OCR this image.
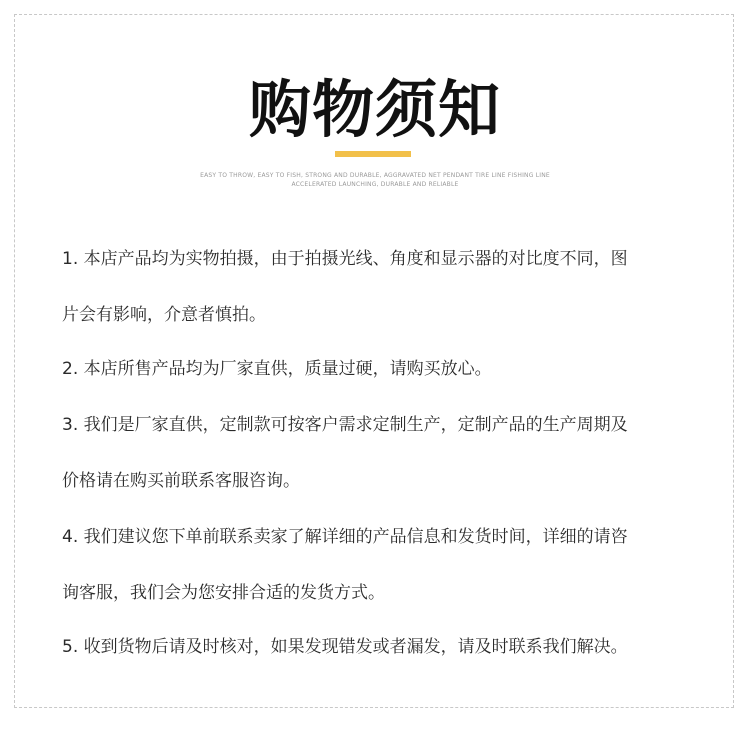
购物须知
EASY TO THROW, EASY TO FISH, STRONG AND DURABLE, AGGRAVATED NET PENDANT TIRE LINE FISHING LINE
ACCELERATED LAUNCHING, DURABLE AND RELIABLE
1. 本店产品均为实物拍摄，由于拍摄光线、角度和显示器的对比度不同，图
片会有影响，介意者慎拍。
2. 本店所售产品均为厂家直供，质量过硬，请购买放心。
3. 我们是厂家直供，定制款可按客户需求定制生产，定制产品的生产周期及
价格请在购买前联系客服咨询。
4. 我们建议您下单前联系卖家了解详细的产品信息和发货时间，详细的请咨
询客服，我们会为您安排合适的发货方式。
5. 收到货物后请及时核对，如果发现错发或者漏发，请及时联系我们解决。
